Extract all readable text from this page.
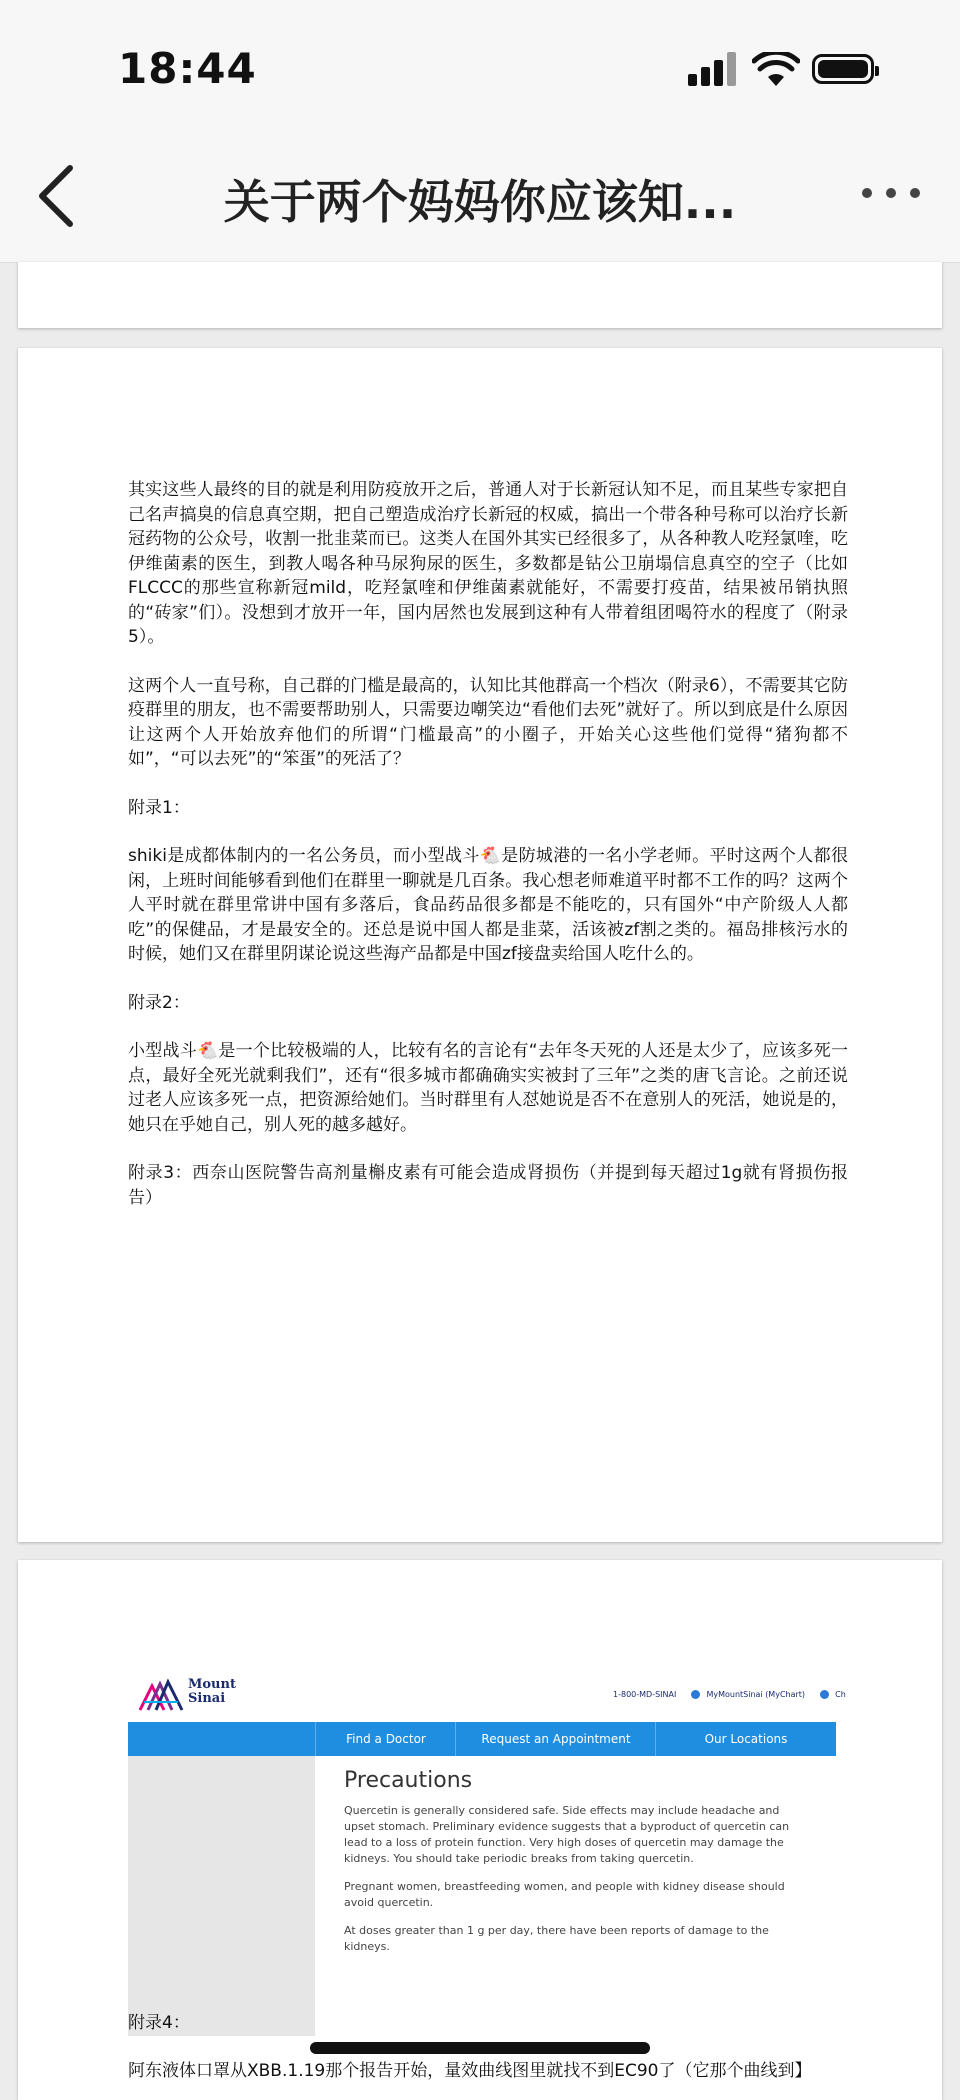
18:44
关于两个妈妈你应该知...

其实这些人最终的目的就是利用防疫放开之后，普通人对于长新冠认知不足，而且某些专家把自己名声搞臭的信息真空期，把自己塑造成治疗长新冠的权威，搞出一个带各种号称可以治疗长新冠药物的公众号，收割一批韭菜而已。这类人在国外其实已经很多了，从各种教人吃羟氯喹，吃伊维菌素的医生，到教人喝各种马尿狗尿的医生，多数都是钻公卫崩塌信息真空的空子（比如FLCCC的那些宣称新冠mild，吃羟氯喹和伊维菌素就能好，不需要打疫苗，结果被吊销执照的“砖家”们）。没想到才放开一年，国内居然也发展到这种有人带着组团喝符水的程度了（附录5）。

这两个人一直号称，自己群的门槛是最高的，认知比其他群高一个档次（附录6），不需要其它防疫群里的朋友，也不需要帮助别人，只需要边嘲笑边“看他们去死”就好了。所以到底是什么原因让这两个人开始放弃他们的所谓“门槛最高”的小圈子，开始关心这些他们觉得“猪狗都不如”，“可以去死”的“笨蛋”的死活了？

附录1：

shiki是成都体制内的一名公务员，而小型战斗🐔是防城港的一名小学老师。平时这两个人都很闲，上班时间能够看到他们在群里一聊就是几百条。我心想老师难道平时都不工作的吗？这两个人平时就在群里常讲中国有多落后，食品药品很多都是不能吃的，只有国外“中产阶级人人都吃”的保健品，才是最安全的。还总是说中国人都是韭菜，活该被zf割之类的。福岛排核污水的时候，她们又在群里阴谋论说这些海产品都是中国zf接盘卖给国人吃什么的。

附录2：

小型战斗🐔是一个比较极端的人，比较有名的言论有“去年冬天死的人还是太少了，应该多死一点，最好全死光就剩我们”，还有“很多城市都确确实实被封了三年”之类的唐飞言论。之前还说过老人应该多死一点，把资源给她们。当时群里有人怼她说是否不在意别人的死活，她说是的，她只在乎她自己，别人死的越多越好。

附录3：西奈山医院警告高剂量槲皮素有可能会造成肾损伤（并提到每天超过1g就有肾损伤报告）

Mount
Sinai	1-800-MD-SINAI	MyMountSinai (MyChart)	Ch
Find a Doctor	Request an Appointment	Our Locations
Precautions

Quercetin is generally considered safe. Side effects may include headache and upset stomach. Preliminary evidence suggests that a byproduct of quercetin can lead to a loss of protein function. Very high doses of quercetin may damage the kidneys. You should take periodic breaks from taking quercetin.

Pregnant women, breastfeeding women, and people with kidney disease should avoid quercetin.

At doses greater than 1 g per day, there have been reports of damage to the kidneys.

附录4：
阿东液体口罩从XBB.1.19那个报告开始，量效曲线图里就找不到EC90了（它那个曲线到】
